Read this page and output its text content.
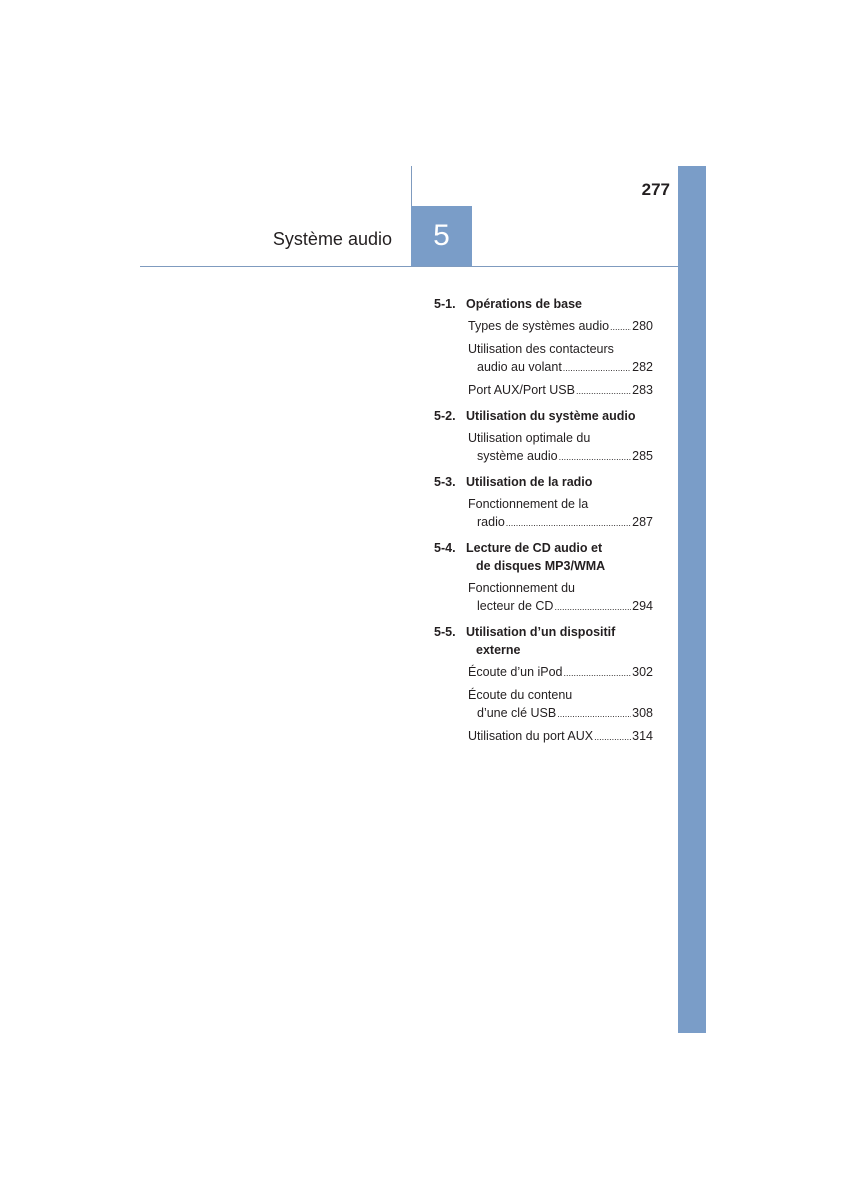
277
Système audio	5
5-1. Opérations de base
Types de systèmes audio ..... 280
Utilisation des contacteurs
audio au volant .....	282
Port AUX/Port USB .....	283
5-2. Utilisation du système audio
Utilisation optimale du
système audio .....	285
5-3. Utilisation de la radio
Fonctionnement de la
radio .....	287
5-4. Lecture de CD audio et
de disques MP3/WMA
Fonctionnement du
lecteur de CD .....	294
5-5. Utilisation d’un dispositif
externe
Écoute d’un iPod .....	302
Écoute du contenu
d’une clé USB .....	308
Utilisation du port AUX .....	314
